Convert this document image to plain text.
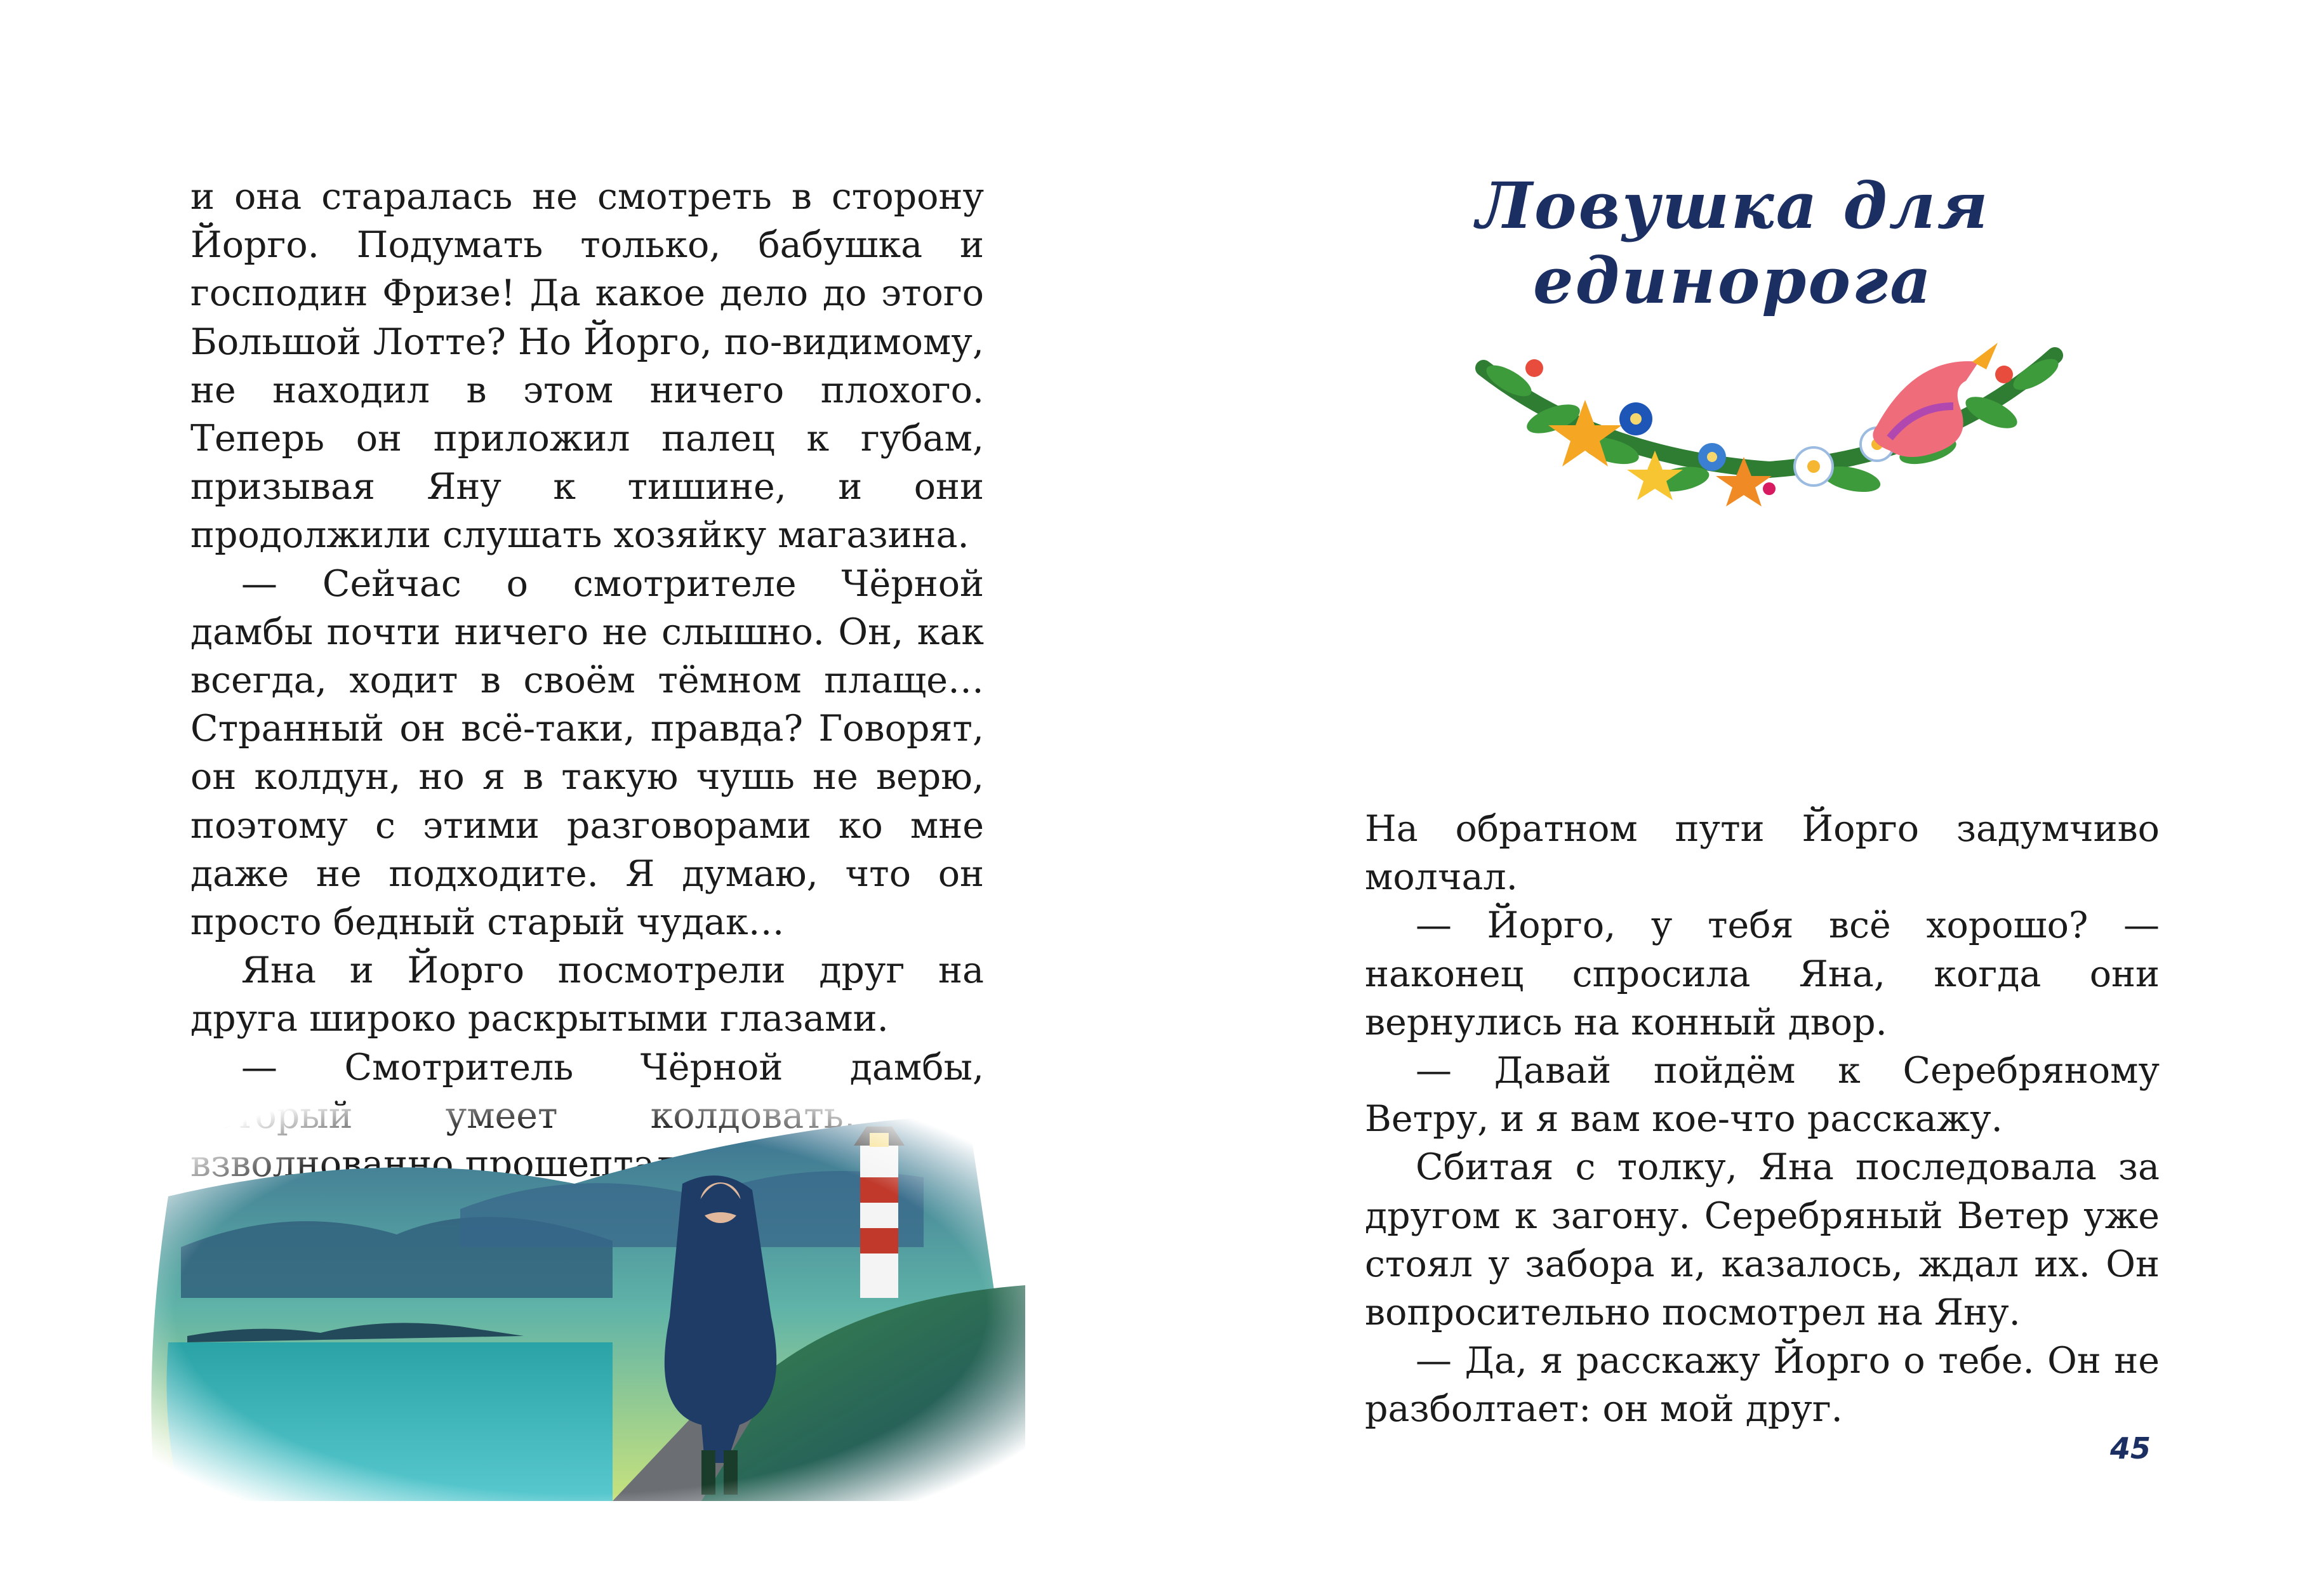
и она старалась не смотреть в сторону Йорго. Подумать только, бабушка и господин Фризе! Да какое дело до этого Большой Лотте? Но Йорго, по-видимому, не находил в этом ничего плохого. Теперь он приложил палец к губам, призывая Яну к тишине, и они продолжили слушать хозяйку магазина.

— Сейчас о смотрителе Чёрной дамбы почти ничего не слышно. Он, как всегда, ходит в своём тёмном плаще… Странный он всё-таки, правда? Говорят, он колдун, но я в такую чушь не верю, поэтому с этими разговорами ко мне даже не подходите. Я думаю, что он просто бедный старый чудак…

Яна и Йорго посмотрели друг на друга широко раскрытыми глазами.

— Смотритель Чёрной дамбы,

Ловушка для единорога

На обратном пути Йорго задумчиво молчал.

— Йорго, у тебя всё хорошо? — наконец спросила Яна, когда они вернулись на конный двор.

— Давай пойдём к Серебряному Ветру, и я вам кое-что расскажу.

Сбитая с толку, Яна последовала за другом к загону. Серебряный Ветер уже стоял у забора и, казалось, ждал их. Он вопросительно посмотрел на Яну.

— Да, я расскажу Йорго о тебе. Он не разболтает: он мой друг.

45
